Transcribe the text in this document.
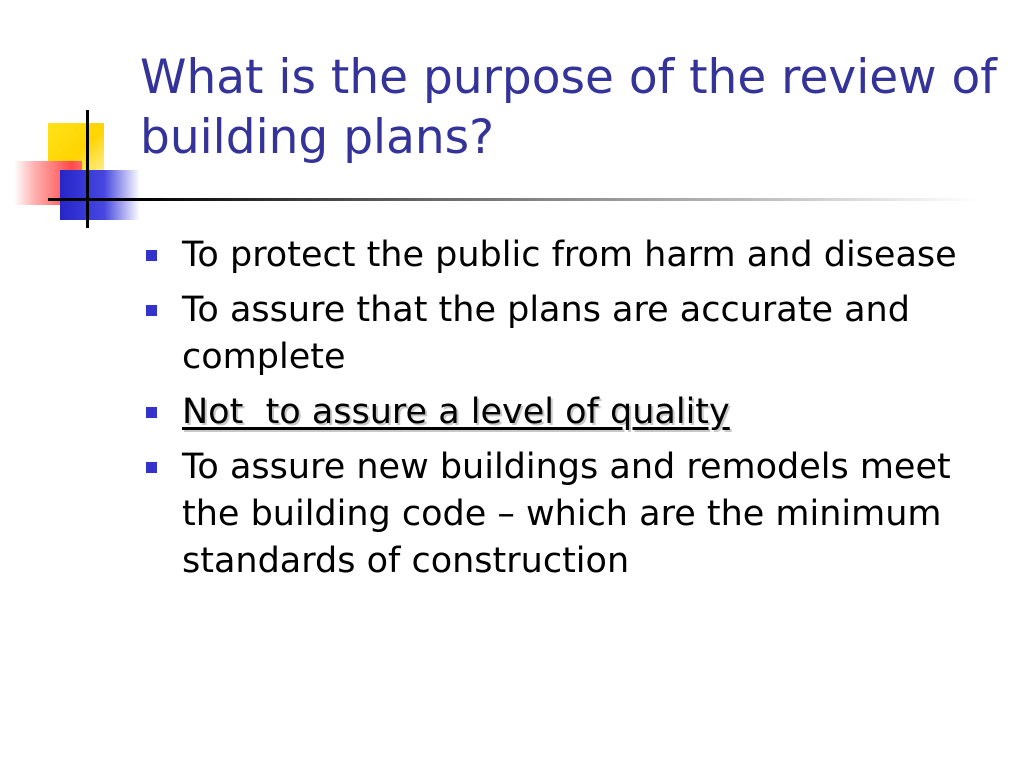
What is the purpose of the review of building plans?
To protect the public from harm and disease
To assure that the plans are accurate and complete
Not  to assure a level of quality
To assure new buildings and remodels meet the building code – which are the minimum standards of construction
